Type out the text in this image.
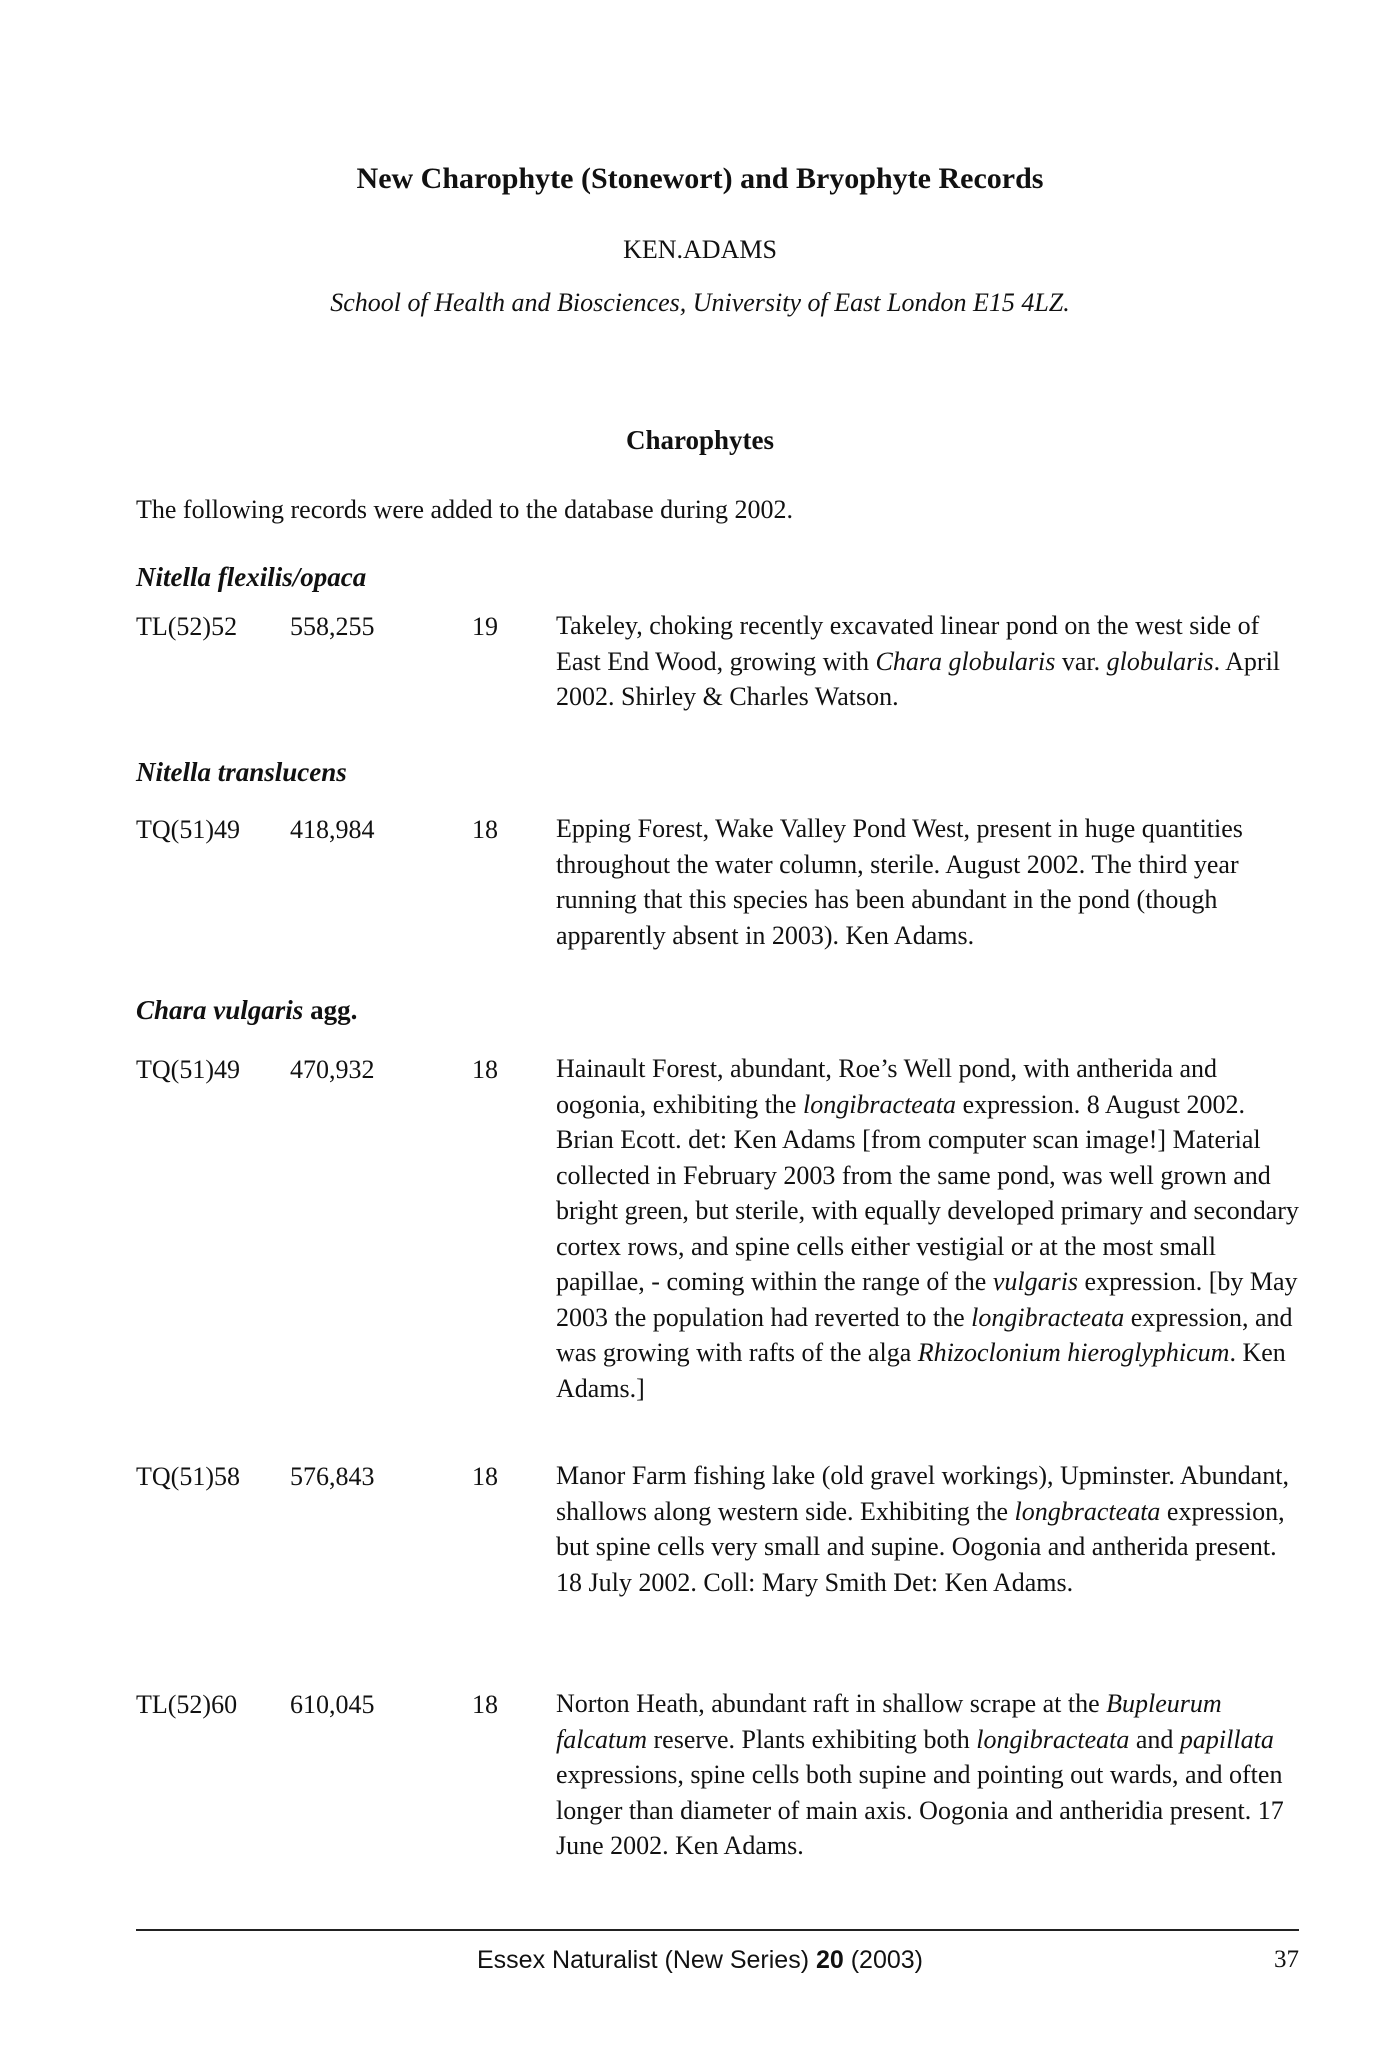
New Charophyte (Stonewort) and Bryophyte Records
KEN.ADAMS
School of Health and Biosciences, University of East London E15 4LZ.
Charophytes
The following records were added to the database during 2002.
Nitella flexilis/opaca
TL(52)52 558,255	19 Takeley, choking recently excavated linear pond on the west side of East End Wood, growing with Chara globularis var. globularis. April 2002. Shirley & Charles Watson.
Nitella translucens
TQ(51)49 418,984	18 Epping Forest, Wake Valley Pond West, present in huge quantities throughout the water column, sterile. August 2002. The third year running that this species has been abundant in the pond (though apparently absent in 2003). Ken Adams.
Chara vulgaris agg.
TQ(51)49 470,932	18 Hainault Forest, abundant, Roe’s Well pond, with antherida and oogonia, exhibiting the longibracteata expression. 8 August 2002. Brian Ecott. det: Ken Adams [from computer scan image!] Material collected in February 2003 from the same pond, was well grown and bright green, but sterile, with equally developed primary and secondary cortex rows, and spine cells either vestigial or at the most small papillae, - coming within the range of the vulgaris expression. [by May 2003 the population had reverted to the longibracteata expression, and was growing with rafts of the alga Rhizoclonium hieroglyphicum. Ken Adams.]
TQ(51)58 576,843	18 Manor Farm fishing lake (old gravel workings), Upminster. Abundant, shallows along western side. Exhibiting the longbracteata expression, but spine cells very small and supine. Oogonia and antherida present. 18 July 2002. Coll: Mary Smith Det: Ken Adams.
TL(52)60 610,045	18 Norton Heath, abundant raft in shallow scrape at the Bupleurum falcatum reserve. Plants exhibiting both longibracteata and papillata expressions, spine cells both supine and pointing out wards, and often longer than diameter of main axis. Oogonia and antheridia present. 17 June 2002. Ken Adams.
Essex Naturalist (New Series) 20 (2003)	37
